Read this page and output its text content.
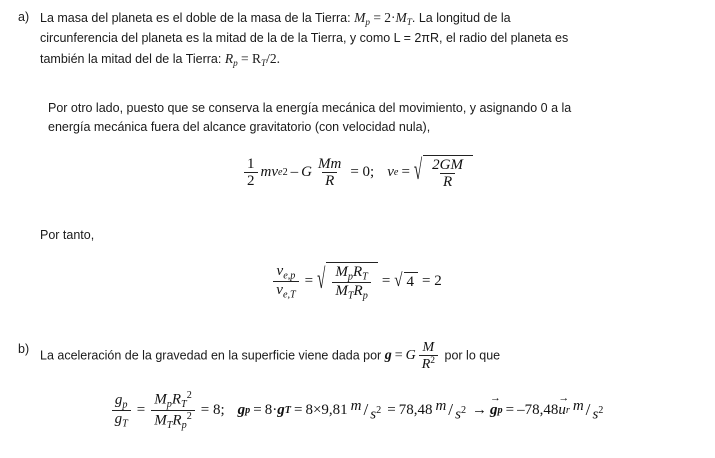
a) La masa del planeta es el doble de la masa de la Tierra: $M_p = 2\cdot M_T$. La longitud de la
circunferencia del planeta es la mitad de la de la Tierra, y como L = 2πR, el radio del planeta es
también la mitad del de la Tierra: $R_p = R_T/2$.
Por otro lado, puesto que se conserva la energía mecánica del movimiento, y asignando 0 a la
energía mecánica fuera del alcance gravitatorio (con velocidad nula),
$\frac{1}{2}$ m v e 2 – G $\frac{Mm}{R} = 0$; v e = √ $\frac{2GM}{R}$
Por tanto,
$\frac{v_{e,p}}{v_{e,T}}$ = √ $\frac{M_pR_T}{M_TR_p}$ = √ 4 = 2
b) La aceleración de la gravedad en la superficie viene dada por g = G $\frac{M}{R^2}$ por lo que
$\frac{g_p}{g_T} = \frac{M_pR_T^2}{M_TR_p^2} = 8$; g p = 8· g T = 8× 9,81 $m / s^2 = 78,48$ m / $s^2$ → → g p = –78,48 → u r m / $s^2$
